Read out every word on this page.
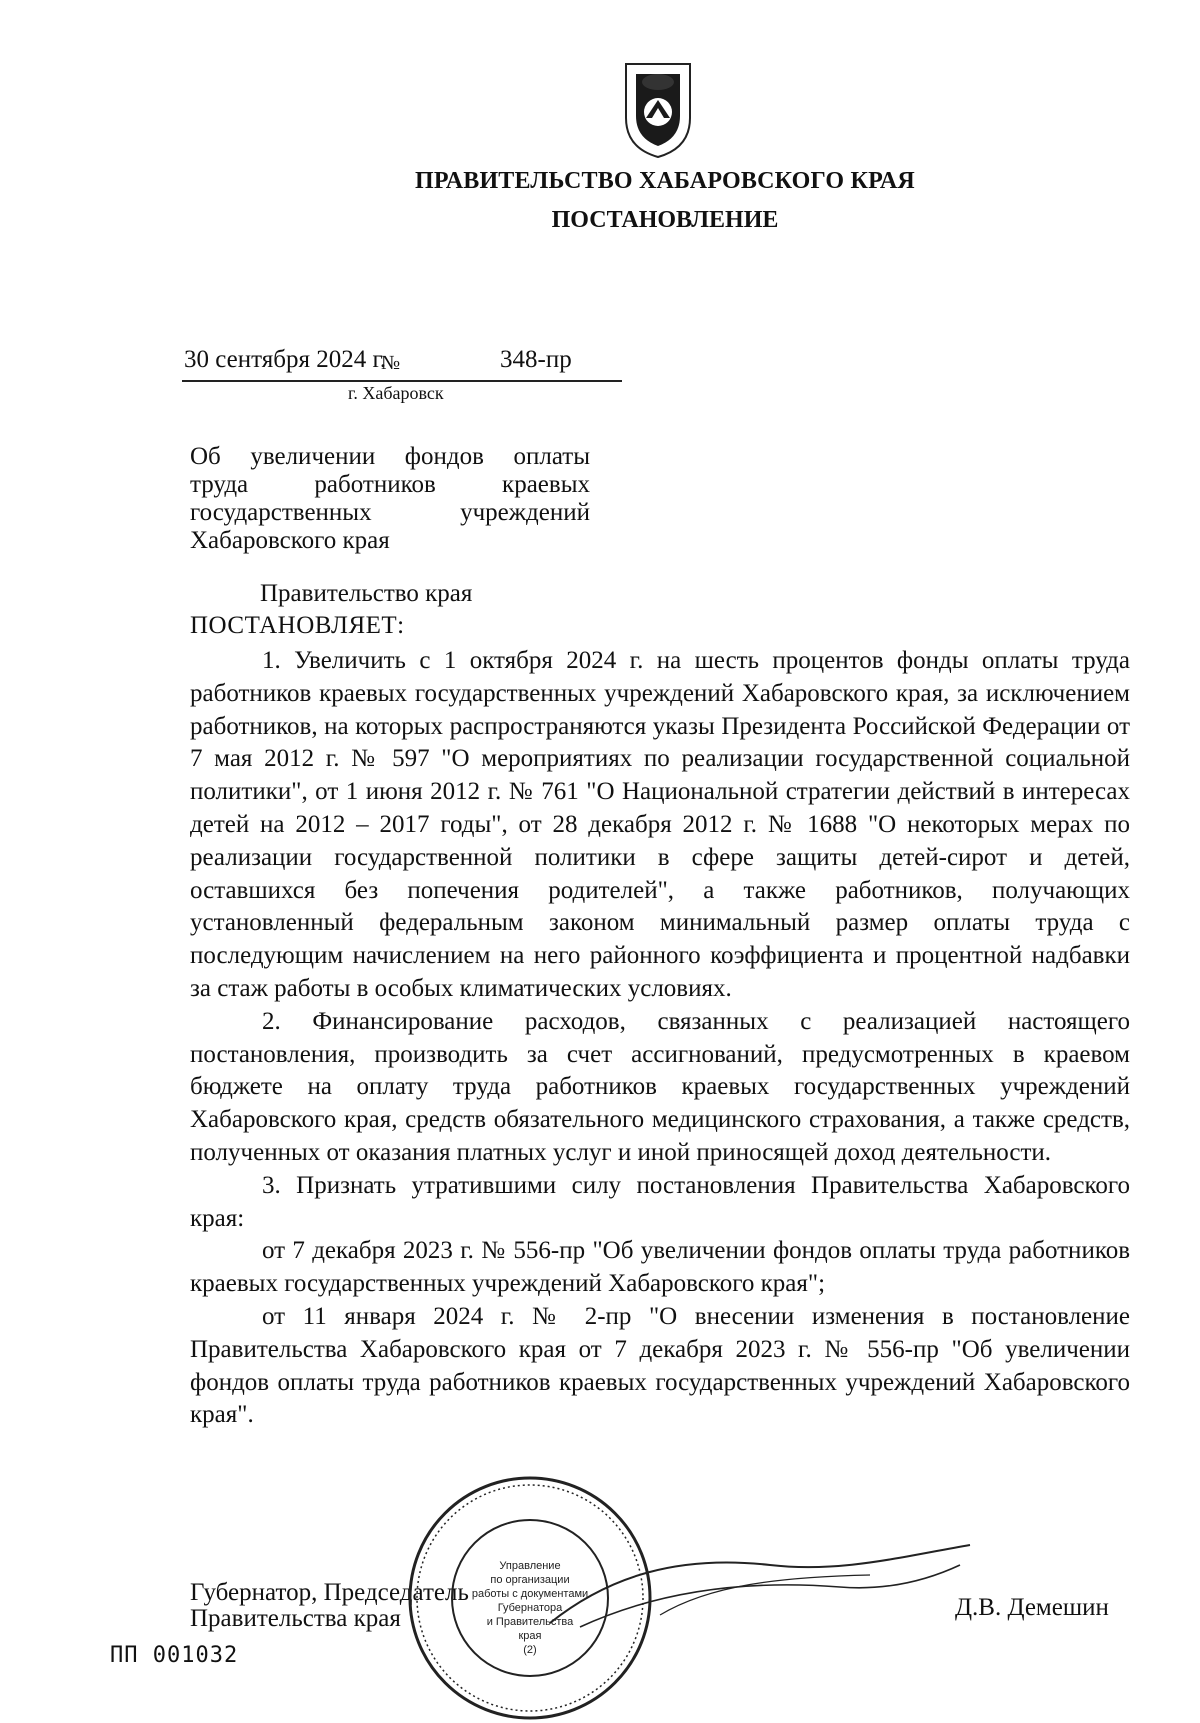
ПРАВИТЕЛЬСТВО ХАБАРОВСКОГО КРАЯ
ПОСТАНОВЛЕНИЕ
30 сентября 2024 г.
№	348-пр
г. Хабаровск
Об увеличении фондов оплаты
труда работников краевых
государственных учреждений
Хабаровского края
Правительство края
ПОСТАНОВЛЯЕТ:

1. Увеличить с 1 октября 2024 г. на шесть процентов фонды оплаты труда работников краевых государственных учреждений Хабаровского края, за исключением работников, на которых распространяются указы Президента Российской Федерации от 7 мая 2012 г. № 597 "О мероприятиях по реализации государственной социальной политики", от 1 июня 2012 г. № 761 "О Национальной стратегии действий в интересах детей на 2012 – 2017 годы", от 28 декабря 2012 г. № 1688 "О некоторых мерах по реализации государственной политики в сфере защиты детей-сирот и детей, оставшихся без попечения родителей", а также работников, получающих установленный федеральным законом минимальный размер оплаты труда с последующим начислением на него районного коэффициента и процентной надбавки за стаж работы в особых климатических условиях.

2. Финансирование расходов, связанных с реализацией настоящего постановления, производить за счет ассигнований, предусмотренных в краевом бюджете на оплату труда работников краевых государственных учреждений Хабаровского края, средств обязательного медицинского страхования, а также средств, полученных от оказания платных услуг и иной приносящей доход деятельности.

3. Признать утратившими силу постановления Правительства Хабаровского края:

от 7 декабря 2023 г. № 556-пр "Об увеличении фондов оплаты труда работников краевых государственных учреждений Хабаровского края";

от 11 января 2024 г. № 2-пр "О внесении изменения в постановление Правительства Хабаровского края от 7 декабря 2023 г. № 556-пр "Об увеличении фондов оплаты труда работников краевых государственных учреждений Хабаровского края".

Губернатор, Председатель
Правительства края	Д.В. Демешин
Управление
по организации
работы с документами
Губернатора
и Правительства
края
(2)
ПП 001032
